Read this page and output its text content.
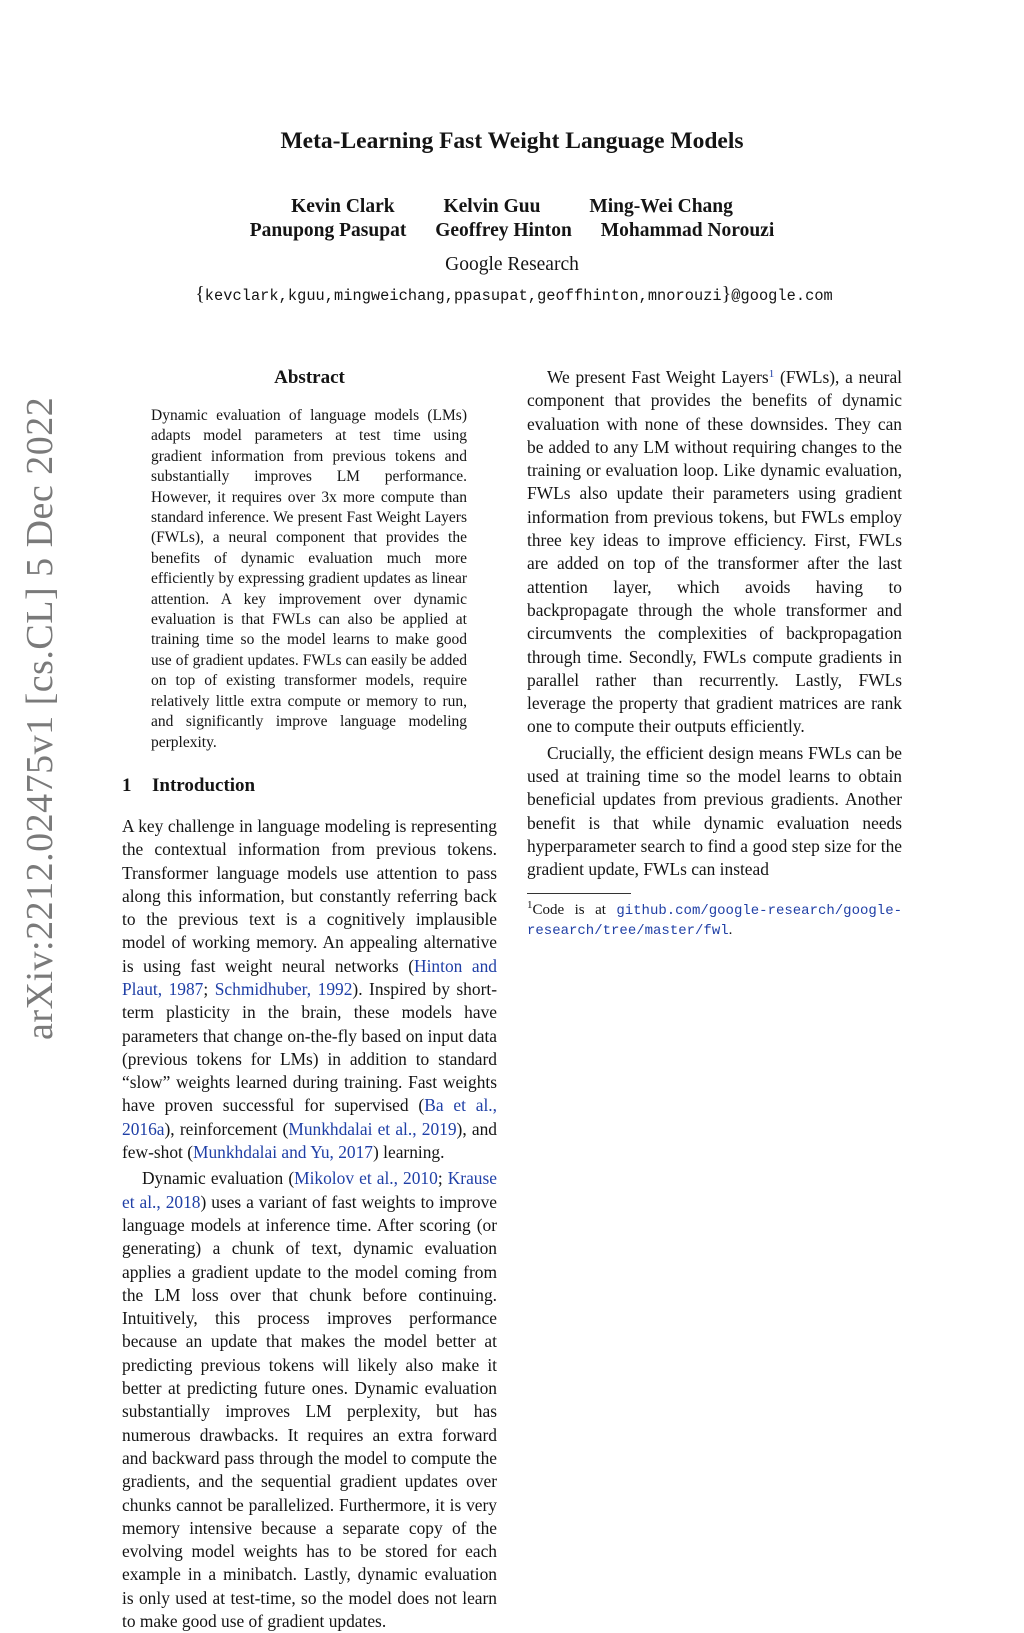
arXiv:2212.02475v1 [cs.CL] 5 Dec 2022
Meta-Learning Fast Weight Language Models
Kevin Clark	Kelvin Guu	Ming-Wei Chang
Panupong Pasupat Geoffrey Hinton Mohammad Norouzi
Google Research
{kevclark,kguu,mingweichang,ppasupat,geoffhinton,mnorouzi}@google.com
Abstract
Dynamic evaluation of language models (LMs) adapts model parameters at test time using gradient information from previous tokens and substantially improves LM performance. However, it requires over 3x more compute than standard inference. We present Fast Weight Layers (FWLs), a neural component that provides the benefits of dynamic evaluation much more efficiently by expressing gradient updates as linear attention. A key improvement over dynamic evaluation is that FWLs can also be applied at training time so the model learns to make good use of gradient updates. FWLs can easily be added on top of existing transformer models, require relatively little extra compute or memory to run, and significantly improve language modeling perplexity.
1 Introduction

A key challenge in language modeling is representing the contextual information from previous tokens. Transformer language models use attention to pass along this information, but constantly referring back to the previous text is a cognitively implausible model of working memory. An appealing alternative is using fast weight neural networks (Hinton and Plaut, 1987; Schmidhuber, 1992). Inspired by short-term plasticity in the brain, these models have parameters that change on-the-fly based on input data (previous tokens for LMs) in addition to standard “slow” weights learned during training. Fast weights have proven successful for supervised (Ba et al., 2016a), reinforcement (Munkhdalai et al., 2019), and few-shot (Munkhdalai and Yu, 2017) learning.

Dynamic evaluation (Mikolov et al., 2010; Krause et al., 2018) uses a variant of fast weights to improve language models at inference time. After scoring (or generating) a chunk of text, dynamic evaluation applies a gradient update to the model coming from the LM loss over that chunk before continuing. Intuitively, this process improves performance because an update that makes the model better at predicting previous tokens will likely also make it better at predicting future ones. Dynamic evaluation substantially improves LM perplexity, but has numerous drawbacks. It requires an extra forward and backward pass through the model to compute the gradients, and the sequential gradient updates over chunks cannot be parallelized. Furthermore, it is very memory intensive because a separate copy of the evolving model weights has to be stored for each example in a minibatch. Lastly, dynamic evaluation is only used at test-time, so the model does not learn to make good use of gradient updates.

We present Fast Weight Layers$^1$ (FWLs), a neural component that provides the benefits of dynamic evaluation with none of these downsides. They can be added to any LM without requiring changes to the training or evaluation loop. Like dynamic evaluation, FWLs also update their parameters using gradient information from previous tokens, but FWLs employ three key ideas to improve efficiency. First, FWLs are added on top of the transformer after the last attention layer, which avoids having to backpropagate through the whole transformer and circumvents the complexities of backpropagation through time. Secondly, FWLs compute gradients in parallel rather than recurrently. Lastly, FWLs leverage the property that gradient matrices are rank one to compute their outputs efficiently.

Crucially, the efficient design means FWLs can be used at training time so the model learns to obtain beneficial updates from previous gradients. Another benefit is that while dynamic evaluation needs hyperparameter search to find a good step size for the gradient update, FWLs can instead

$^1$Code is at github.com/google-research/google-research/tree/master/fwl.
